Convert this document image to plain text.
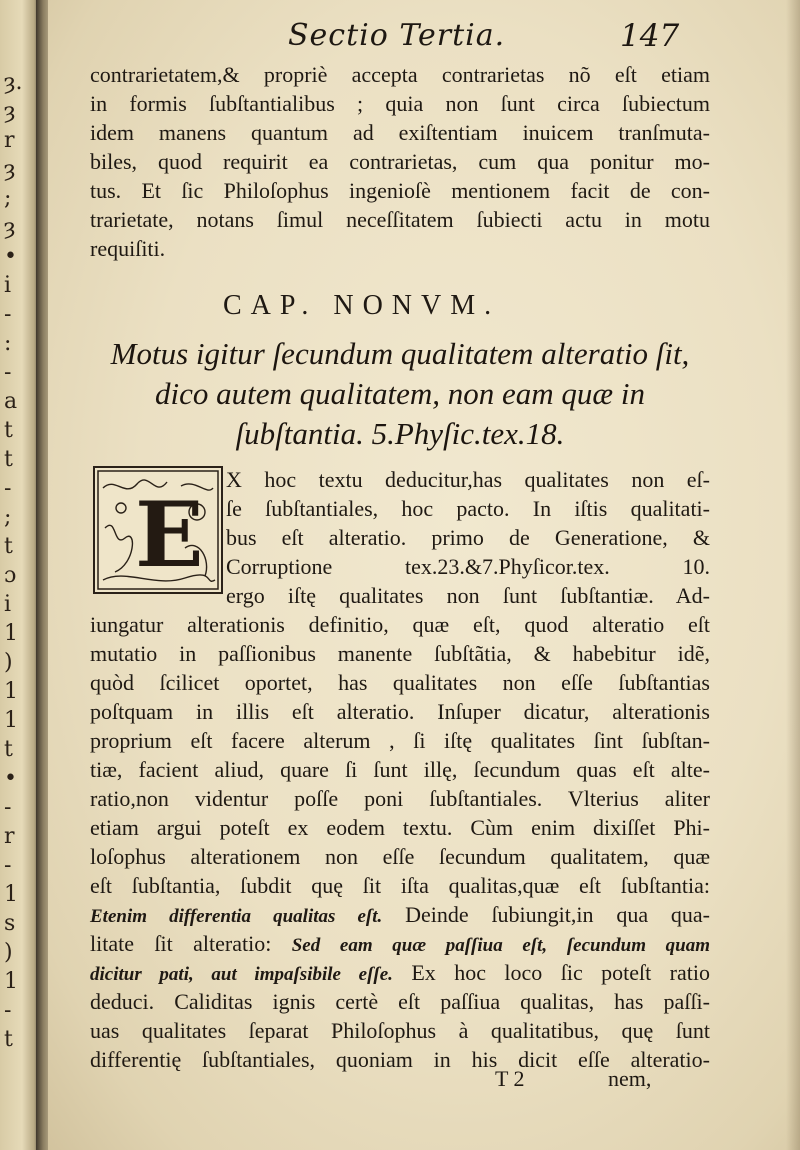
ȝ.
ȝ
r
ȝ
;
ȝ
•
i
-
:
-
a
t
t
-
;
t
ɔ
i
1
)
1
1
t
•
-
r
-
1
s
)
1
-
t
Sectio Tertia.	147
contrarietatem,& propriè accepta contrarietas nõ eſt etiam
in formis ſubſtantialibus ; quia non ſunt circa ſubiectum
idem manens quantum ad exiſtentiam inuicem tranſmuta-
biles, quod requirit ea contrarietas, cum qua ponitur mo-
tus. Et ſic Philoſophus ingenioſè mentionem facit de con-
trarietate, notans ſimul neceſſitatem ſubiecti actu in motu
requiſiti.
CAP. NONVM.
Motus igitur ſecundum qualitatem alteratio ſit,
dico autem qualitatem, non eam quæ in
ſubſtantia. 5.Phyſic.tex.18.
E
X hoc textu deducitur,has qualitates non eſ-
ſe ſubſtantiales, hoc pacto. In iſtis qualitati-
bus eſt alteratio. primo de Generatione, &
Corruptione tex.23.&7.Phyſicor.tex. 10.
ergo iſtę qualitates non ſunt ſubſtantiæ. Ad-
iungatur alterationis definitio, quæ eſt, quod alteratio eſt
mutatio in paſſionibus manente ſubſtãtia, & habebitur idẽ,
quòd ſcilicet oportet, has qualitates non eſſe ſubſtantias
poſtquam in illis eſt alteratio. Inſuper dicatur, alterationis
proprium eſt facere alterum , ſi iſtę qualitates ſint ſubſtan-
tiæ, facient aliud, quare ſi ſunt illę, ſecundum quas eſt alte-
ratio,non videntur poſſe poni ſubſtantiales. Vlterius aliter
etiam argui poteſt ex eodem textu. Cùm enim dixiſſet Phi-
loſophus alterationem non eſſe ſecundum qualitatem, quæ
eſt ſubſtantia, ſubdit quę ſit iſta qualitas,quæ eſt ſubſtantia:
Etenim differentia qualitas eſt. Deinde ſubiungit,in qua qua-
litate ſit alteratio: Sed eam quæ paſſiua eſt, ſecundum quam
dicitur pati, aut impaſsibile eſſe. Ex hoc loco ſic poteſt ratio
deduci. Caliditas ignis certè eſt paſſiua qualitas, has paſſi-
uas qualitates ſeparat Philoſophus à qualitatibus, quę ſunt
differentię ſubſtantiales, quoniam in his dicit eſſe alteratio-
T 2	nem,
